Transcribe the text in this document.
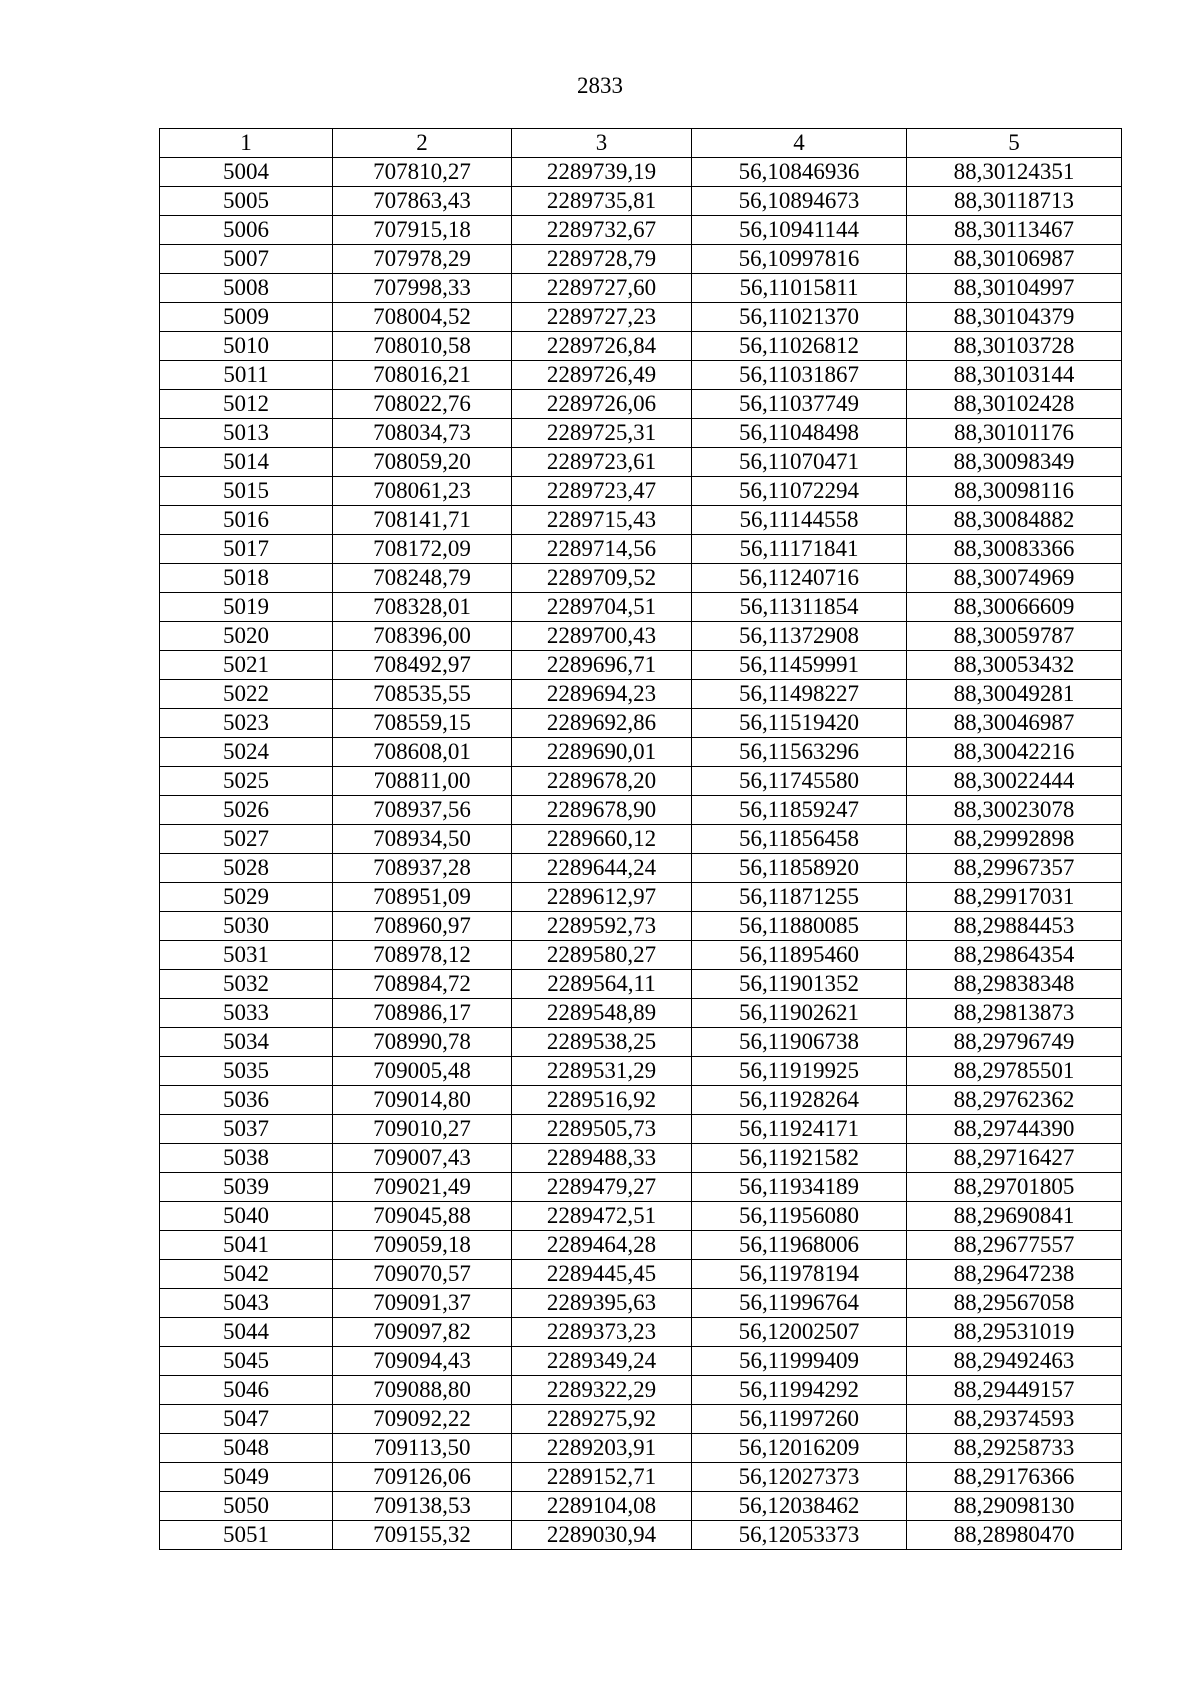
2833
1	2	3	4	5
5004	707810,27	2289739,19	56,10846936	88,30124351
5005	707863,43	2289735,81	56,10894673	88,30118713
5006	707915,18	2289732,67	56,10941144	88,30113467
5007	707978,29	2289728,79	56,10997816	88,30106987
5008	707998,33	2289727,60	56,11015811	88,30104997
5009	708004,52	2289727,23	56,11021370	88,30104379
5010	708010,58	2289726,84	56,11026812	88,30103728
5011	708016,21	2289726,49	56,11031867	88,30103144
5012	708022,76	2289726,06	56,11037749	88,30102428
5013	708034,73	2289725,31	56,11048498	88,30101176
5014	708059,20	2289723,61	56,11070471	88,30098349
5015	708061,23	2289723,47	56,11072294	88,30098116
5016	708141,71	2289715,43	56,11144558	88,30084882
5017	708172,09	2289714,56	56,11171841	88,30083366
5018	708248,79	2289709,52	56,11240716	88,30074969
5019	708328,01	2289704,51	56,11311854	88,30066609
5020	708396,00	2289700,43	56,11372908	88,30059787
5021	708492,97	2289696,71	56,11459991	88,30053432
5022	708535,55	2289694,23	56,11498227	88,30049281
5023	708559,15	2289692,86	56,11519420	88,30046987
5024	708608,01	2289690,01	56,11563296	88,30042216
5025	708811,00	2289678,20	56,11745580	88,30022444
5026	708937,56	2289678,90	56,11859247	88,30023078
5027	708934,50	2289660,12	56,11856458	88,29992898
5028	708937,28	2289644,24	56,11858920	88,29967357
5029	708951,09	2289612,97	56,11871255	88,29917031
5030	708960,97	2289592,73	56,11880085	88,29884453
5031	708978,12	2289580,27	56,11895460	88,29864354
5032	708984,72	2289564,11	56,11901352	88,29838348
5033	708986,17	2289548,89	56,11902621	88,29813873
5034	708990,78	2289538,25	56,11906738	88,29796749
5035	709005,48	2289531,29	56,11919925	88,29785501
5036	709014,80	2289516,92	56,11928264	88,29762362
5037	709010,27	2289505,73	56,11924171	88,29744390
5038	709007,43	2289488,33	56,11921582	88,29716427
5039	709021,49	2289479,27	56,11934189	88,29701805
5040	709045,88	2289472,51	56,11956080	88,29690841
5041	709059,18	2289464,28	56,11968006	88,29677557
5042	709070,57	2289445,45	56,11978194	88,29647238
5043	709091,37	2289395,63	56,11996764	88,29567058
5044	709097,82	2289373,23	56,12002507	88,29531019
5045	709094,43	2289349,24	56,11999409	88,29492463
5046	709088,80	2289322,29	56,11994292	88,29449157
5047	709092,22	2289275,92	56,11997260	88,29374593
5048	709113,50	2289203,91	56,12016209	88,29258733
5049	709126,06	2289152,71	56,12027373	88,29176366
5050	709138,53	2289104,08	56,12038462	88,29098130
5051	709155,32	2289030,94	56,12053373	88,28980470
